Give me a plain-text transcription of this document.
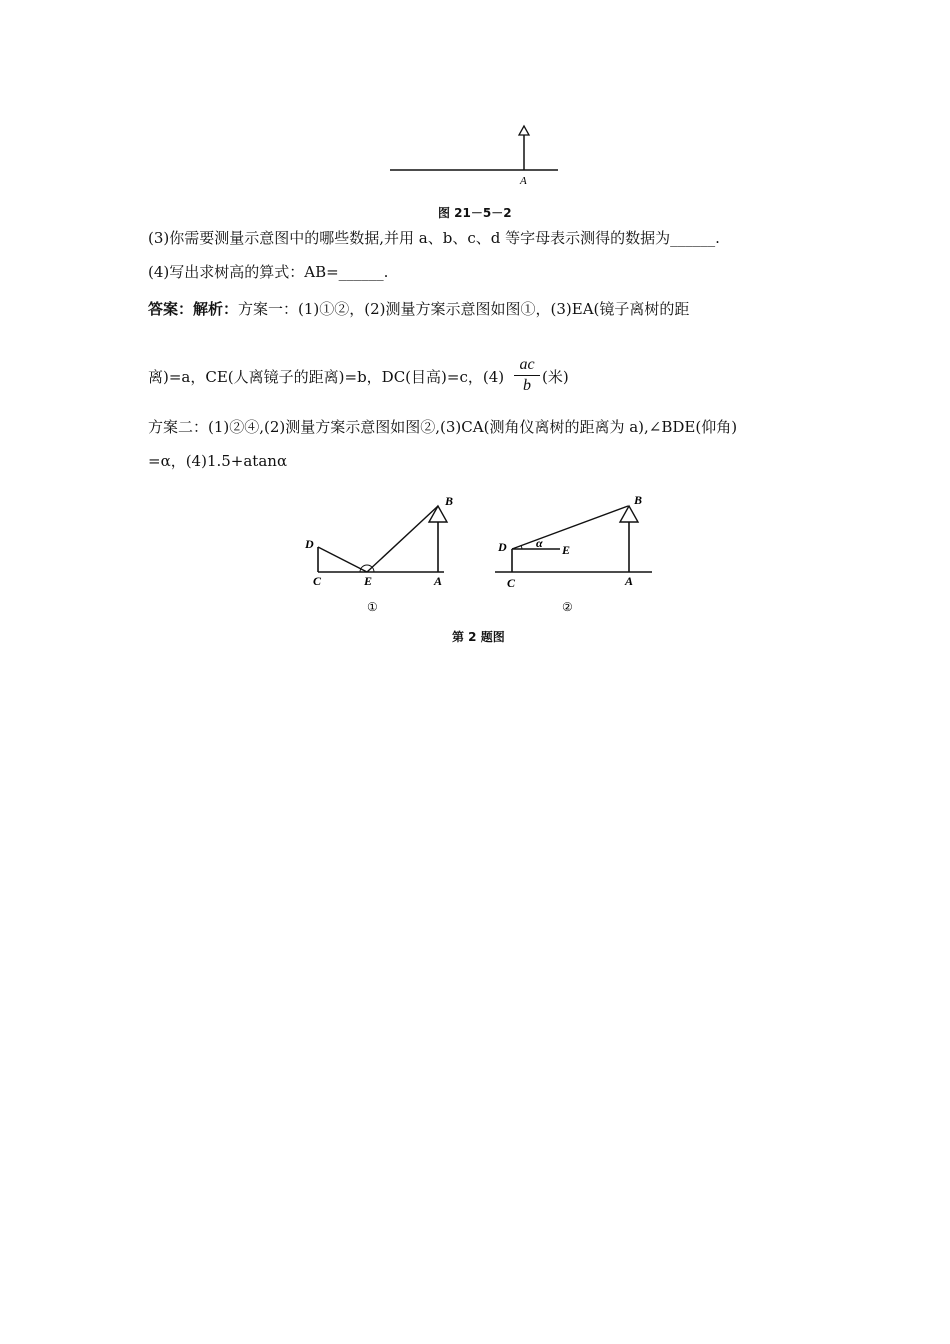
A
图 21－5－2
(3)你需要测量示意图中的哪些数据,并用 a、b、c、d 等字母表示测得的数据为______.
(4)写出求树高的算式：AB=______.
答案：解析：方案一：(1)①②，(2)测量方案示意图如图①，(3)EA(镜子离树的距
离)=a，CE(人离镜子的距离)=b，DC(目高)=c，(4)
ac
b (米)
方案二：(1)②④,(2)测量方案示意图如图②,(3)CA(测角仪离树的距离为 a),∠BDE(仰角)
=α，(4)1.5+atanα
B
D
C	E	A
①
B
D α E
C	A
②
第 2 题图
